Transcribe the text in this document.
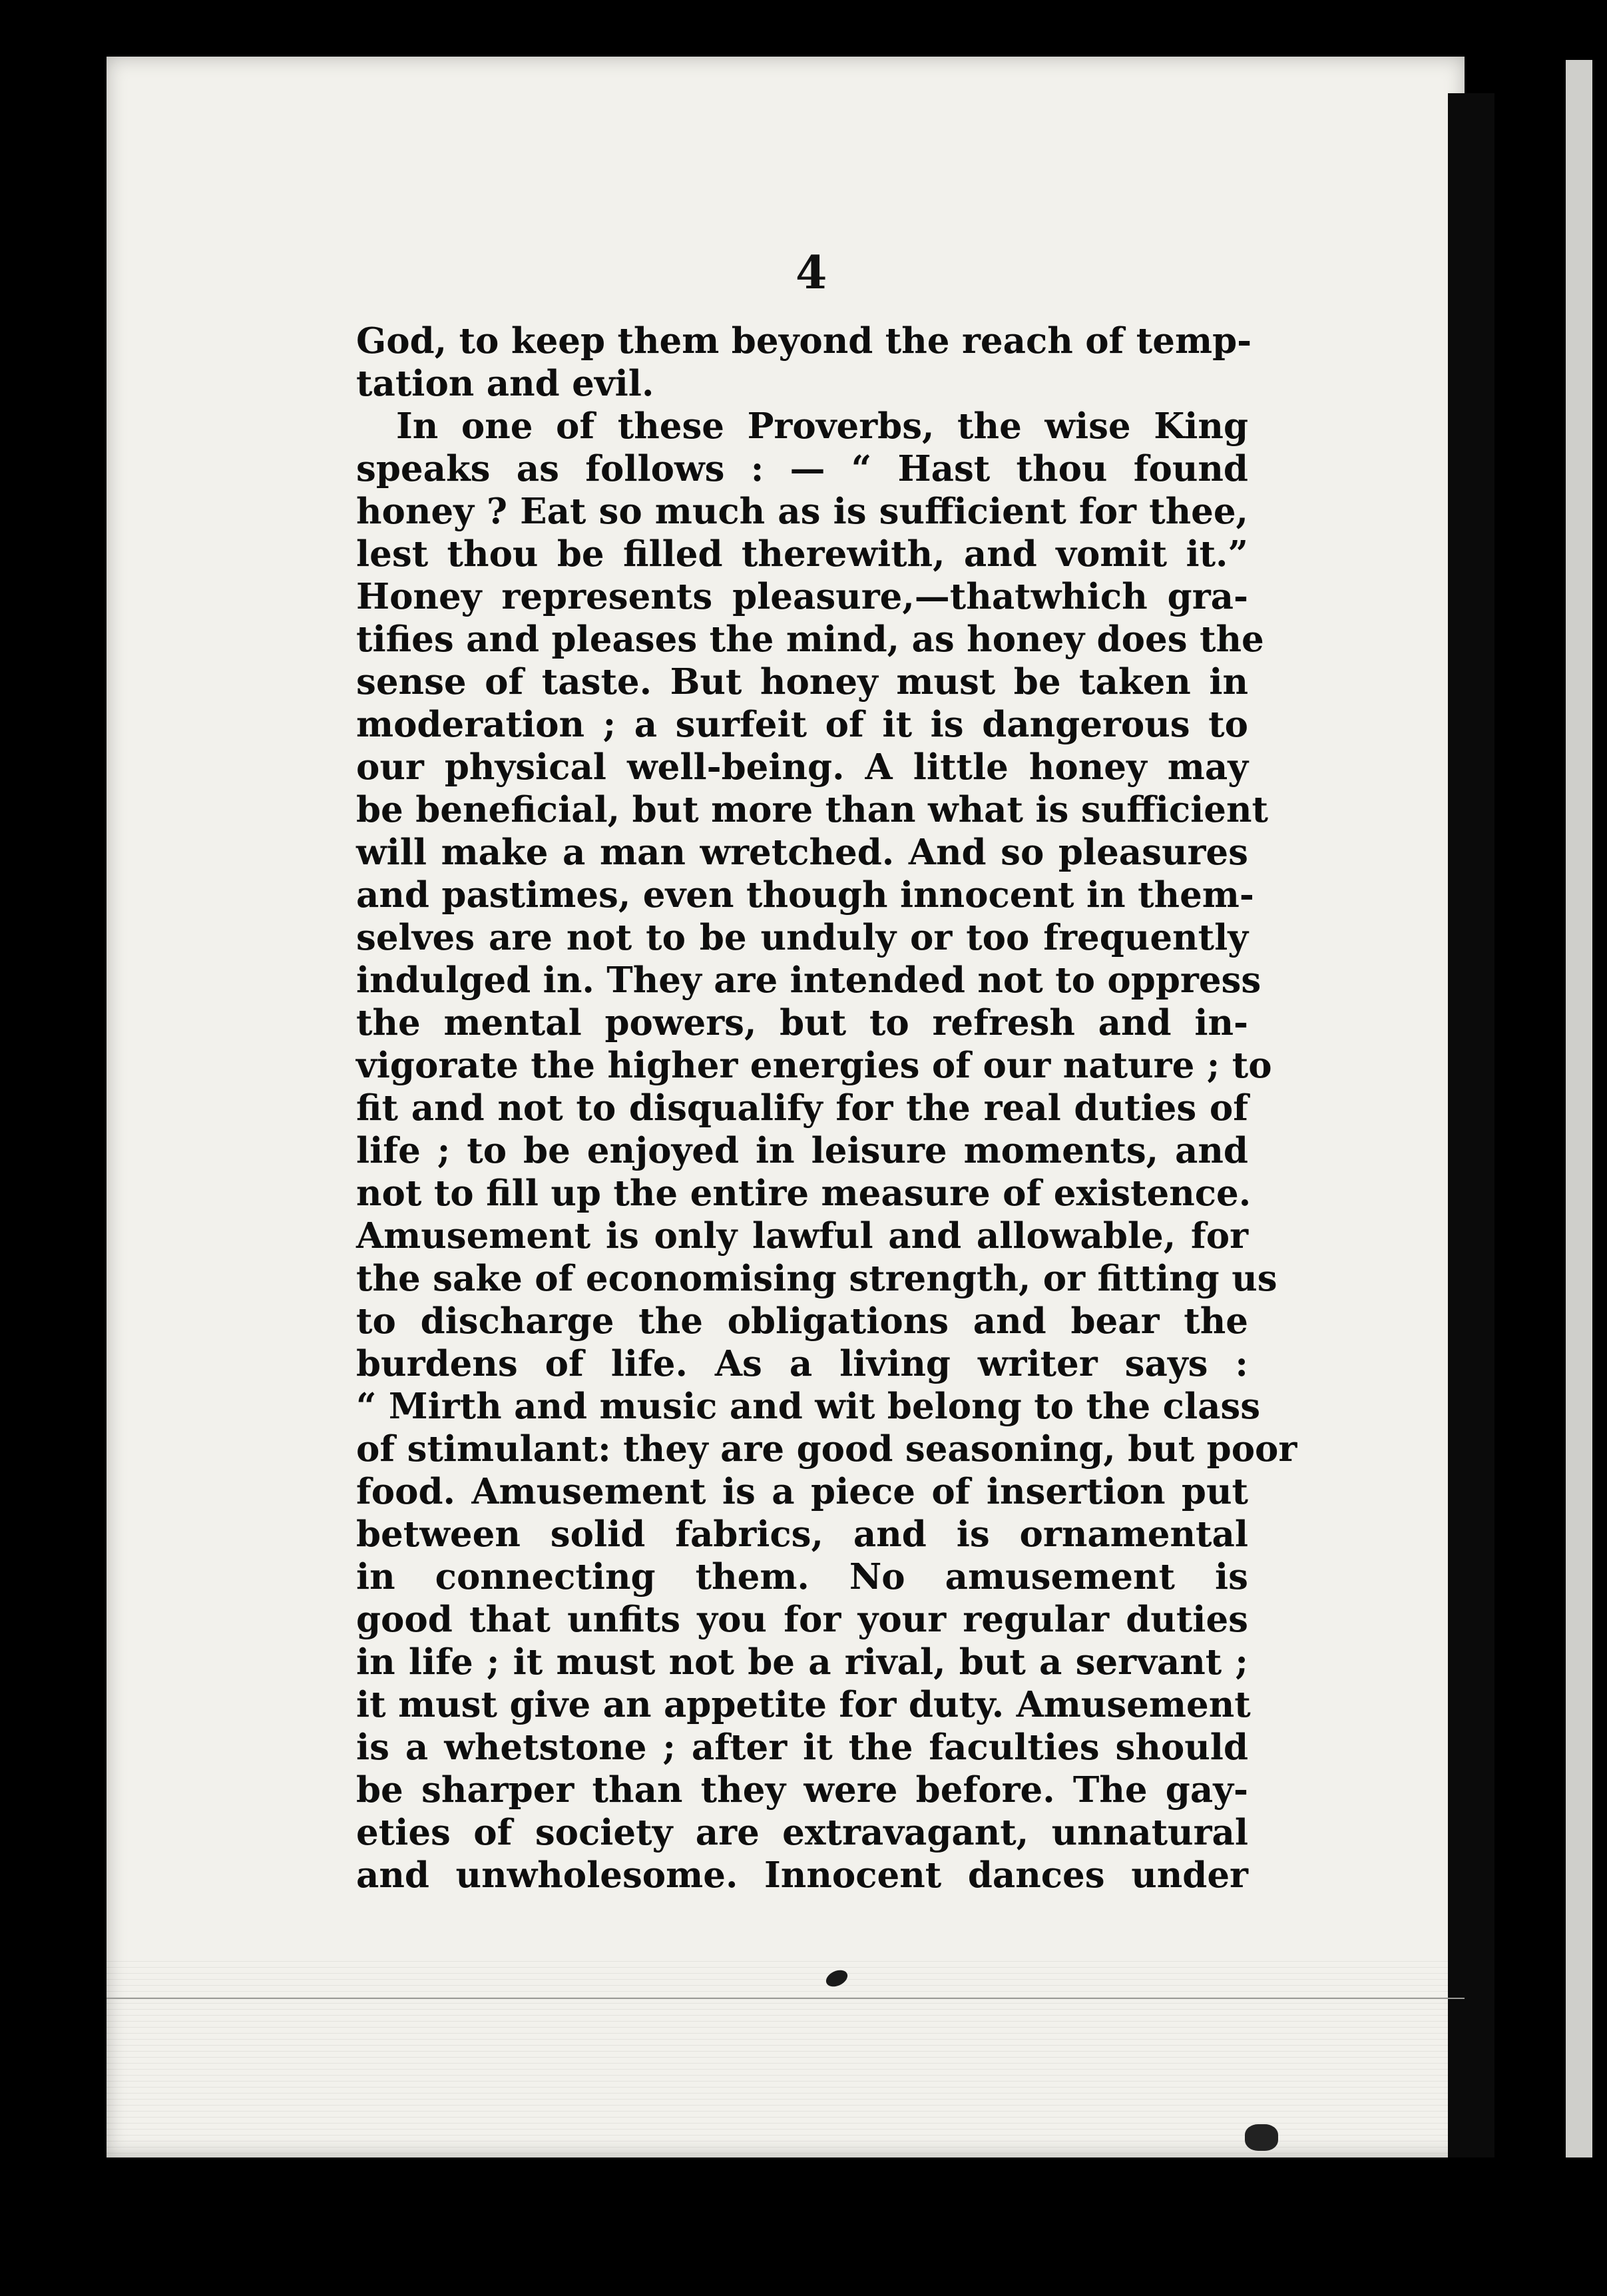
4
God, to keep them beyond the reach of temp-
tation and evil.
In one of these Proverbs, the wise King
speaks as follows : — “ Hast thou found
honey ? Eat so much as is sufficient for thee,
lest thou be filled therewith, and vomit it.”
Honey represents pleasure,—thatwhich gra-
tifies and pleases the mind, as honey does the
sense of taste. But honey must be taken in
moderation ; a surfeit of it is dangerous to
our physical well-being. A little honey may
be beneficial, but more than what is sufficient
will make a man wretched. And so pleasures
and pastimes, even though innocent in them-
selves are not to be unduly or too frequently
indulged in. They are intended not to oppress
the mental powers, but to refresh and in-
vigorate the higher energies of our nature ; to
fit and not to disqualify for the real duties of
life ; to be enjoyed in leisure moments, and
not to fill up the entire measure of existence.
Amusement is only lawful and allowable, for
the sake of economising strength, or fitting us
to discharge the obligations and bear the
burdens of life. As a living writer says :
“ Mirth and music and wit belong to the class
of stimulant: they are good seasoning, but poor
food. Amusement is a piece of insertion put
between solid fabrics, and is ornamental
in connecting them. No amusement is
good that unfits you for your regular duties
in life ; it must not be a rival, but a servant ;
it must give an appetite for duty. Amusement
is a whetstone ; after it the faculties should
be sharper than they were before. The gay-
eties of society are extravagant, unnatural
and unwholesome. Innocent dances under
